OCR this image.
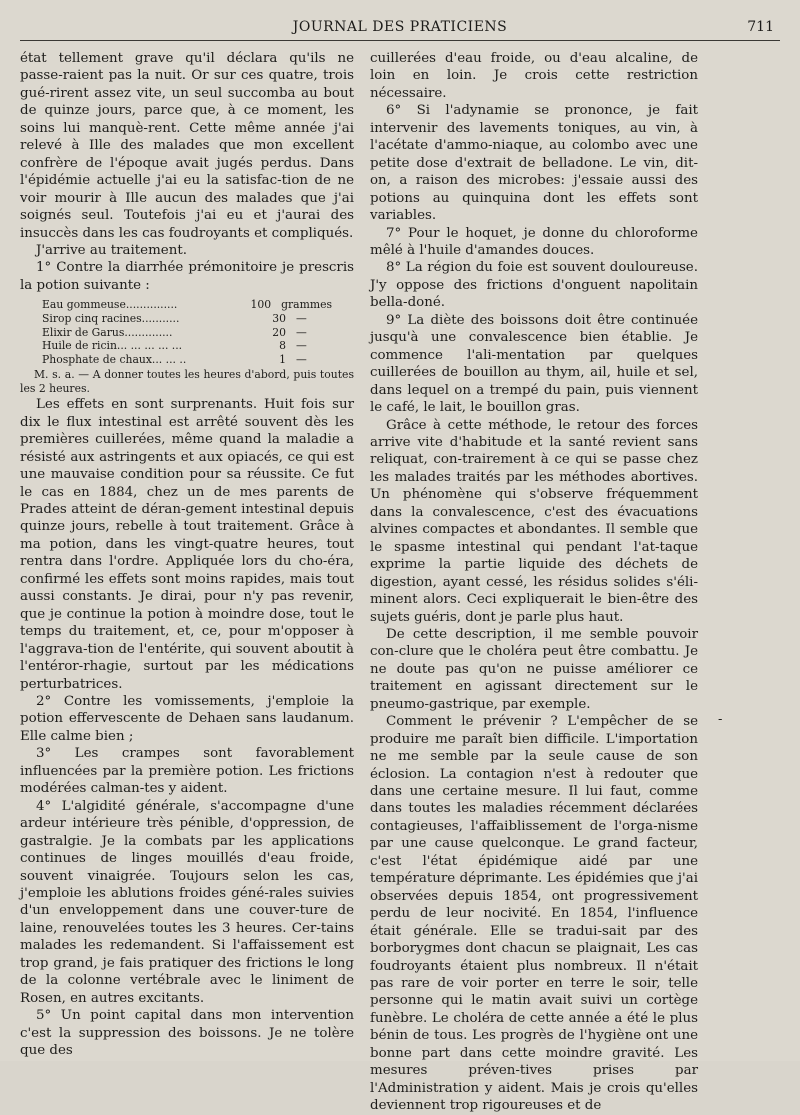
JOURNAL DES PRATICIENS	711

état tellement grave qu'il déclara qu'ils ne passe-raient pas la nuit. Or sur ces quatre, trois gué-rirent assez vite, un seul succomba au bout de quinze jours, parce que, à ce moment, les soins lui manquè-rent. Cette même année j'ai relevé à Ille des malades que mon excellent confrère de l'époque avait jugés perdus. Dans l'épidémie actuelle j'ai eu la satisfac-tion de ne voir mourir à Ille aucun des malades que j'ai soignés seul. Toutefois j'ai eu et j'aurai des insuccès dans les cas foudroyants et compliqués.

J'arrive au traitement.

1° Contre la diarrhée prémonitoire je prescris la potion suivante :

Eau gommeuse...............	100 grammes
Sirop cinq racines...........	30 —
Elixir de Garus..............	20 —
Huile de ricin... ... ... ... ...	8 —
Phosphate de chaux... ... ..	1 —

M. s. a. — A donner toutes les heures d'abord, puis toutes les 2 heures.

Les effets en sont surprenants. Huit fois sur dix le flux intestinal est arrêté souvent dès les premières cuillerées, même quand la maladie a résisté aux astringents et aux opiacés, ce qui est une mauvaise condition pour sa réussite. Ce fut le cas en 1884, chez un de mes parents de Prades atteint de déran-gement intestinal depuis quinze jours, rebelle à tout traitement. Grâce à ma potion, dans les vingt-quatre heures, tout rentra dans l'ordre. Appliquée lors du cho-éra, confirmé les effets sont moins rapides, mais tout aussi constants. Je dirai, pour n'y pas revenir, que je continue la potion à moindre dose, tout le temps du traitement, et, ce, pour m'opposer à l'aggrava-tion de l'entérite, qui souvent aboutit à l'entéror-rhagie, surtout par les médications perturbatrices.

2° Contre les vomissements, j'emploie la potion effervescente de Dehaen sans laudanum. Elle calme bien ;

3° Les crampes sont favorablement influencées par la première potion. Les frictions modérées calman-tes y aident.

4° L'algidité générale, s'accompagne d'une ardeur intérieure très pénible, d'oppression, de gastralgie. Je la combats par les applications continues de linges mouillés d'eau froide, souvent vinaigrée. Toujours selon les cas, j'emploie les ablutions froides géné-rales suivies d'un enveloppement dans une couver-ture de laine, renouvelées toutes les 3 heures. Cer-tains malades les redemandent. Si l'affaissement est trop grand, je fais pratiquer des frictions le long de la colonne vertébrale avec le liniment de Rosen, en autres excitants.

5° Un point capital dans mon intervention c'est la suppression des boissons. Je ne tolère que des

cuillerées d'eau froide, ou d'eau alcaline, de loin en loin. Je crois cette restriction nécessaire.

6° Si l'adynamie se prononce, je fait intervenir des lavements toniques, au vin, à l'acétate d'ammo-niaque, au colombo avec une petite dose d'extrait de belladone. Le vin, dit-on, a raison des microbes: j'essaie aussi des potions au quinquina dont les effets sont variables.

7° Pour le hoquet, je donne du chloroforme mêlé à l'huile d'amandes douces.

8° La région du foie est souvent douloureuse. J'y oppose des frictions d'onguent napolitain bella-doné.

9° La diète des boissons doit être continuée jusqu'à une convalescence bien établie. Je commence l'ali-mentation par quelques cuillerées de bouillon au thym, ail, huile et sel, dans lequel on a trempé du pain, puis viennent le café, le lait, le bouillon gras.

Grâce à cette méthode, le retour des forces arrive vite d'habitude et la santé revient sans reliquat, con-trairement à ce qui se passe chez les malades traités par les méthodes abortives. Un phénomène qui s'observe fréquemment dans la convalescence, c'est des évacuations alvines compactes et abondantes. Il semble que le spasme intestinal qui pendant l'at-taque exprime la partie liquide des déchets de digestion, ayant cessé, les résidus solides s'éli-minent alors. Ceci expliquerait le bien-être des sujets guéris, dont je parle plus haut.

De cette description, il me semble pouvoir con-clure que le choléra peut être combattu. Je ne doute pas qu'on ne puisse améliorer ce traitement en agissant directement sur le pneumo-gastrique, par exemple.

Comment le prévenir ? L'empêcher de se produire me paraît bien difficile. L'importation ne me semble par la seule cause de son éclosion. La contagion n'est à redouter que dans une certaine mesure. Il lui faut, comme dans toutes les maladies récemment déclarées contagieuses, l'affaiblissement de l'orga-nisme par une cause quelconque. Le grand facteur, c'est l'état épidémique aidé par une température déprimante. Les épidémies que j'ai observées depuis 1854, ont progressivement perdu de leur nocivité. En 1854, l'influence était générale. Elle se tradui-sait par des borborygmes dont chacun se plaignait, Les cas foudroyants étaient plus nombreux. Il n'était pas rare de voir porter en terre le soir, telle personne qui le matin avait suivi un cortège funèbre. Le choléra de cette année a été le plus bénin de tous. Les progrès de l'hygiène ont une bonne part dans cette moindre gravité. Les mesures préven-tives prises par l'Administration y aident. Mais je crois qu'elles deviennent trop rigoureuses et de

-
